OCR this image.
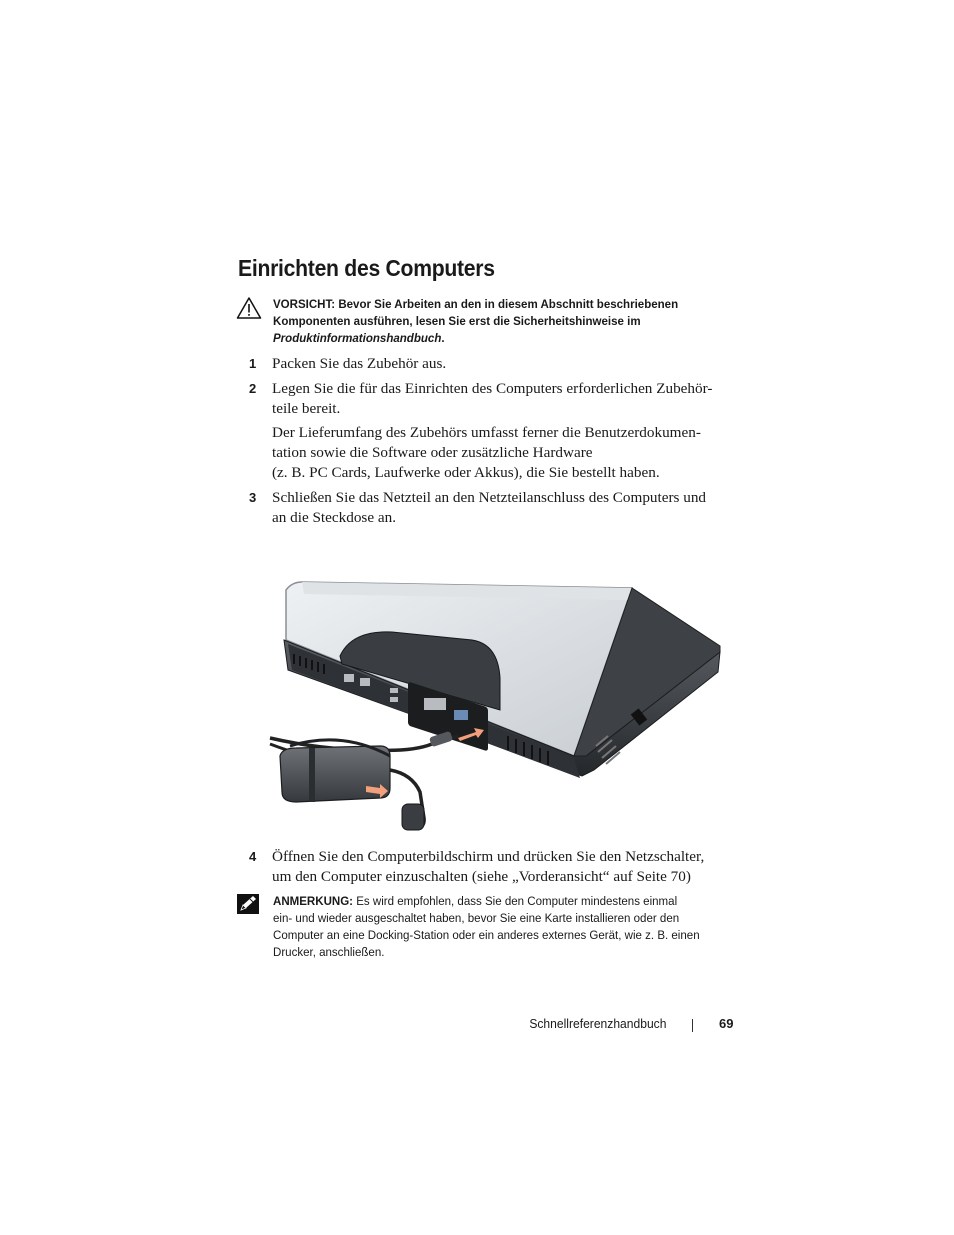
Einrichten des Computers
VORSICHT: Bevor Sie Arbeiten an den in diesem Abschnitt beschriebenen Komponenten ausführen, lesen Sie erst die Sicherheitshinweise im Produktinformationshandbuch.
1 Packen Sie das Zubehör aus.
2 Legen Sie die für das Einrichten des Computers erforderlichen Zubehör-
teile bereit.
Der Lieferumfang des Zubehörs umfasst ferner die Benutzerdokumen-
tation sowie die Software oder zusätzliche Hardware
(z. B. PC Cards, Laufwerke oder Akkus), die Sie bestellt haben.
3 Schließen Sie das Netzteil an den Netzteilanschluss des Computers und
an die Steckdose an.
4 Öffnen Sie den Computerbildschirm und drücken Sie den Netzschalter,
um den Computer einzuschalten (siehe „Vorderansicht“ auf Seite 70)
ANMERKUNG: Es wird empfohlen, dass Sie den Computer mindestens einmal
ein- und wieder ausgeschaltet haben, bevor Sie eine Karte installieren oder den
Computer an eine Docking-Station oder ein anderes externes Gerät, wie z. B. einen
Drucker, anschließen.
Schnellreferenzhandbuch	69
